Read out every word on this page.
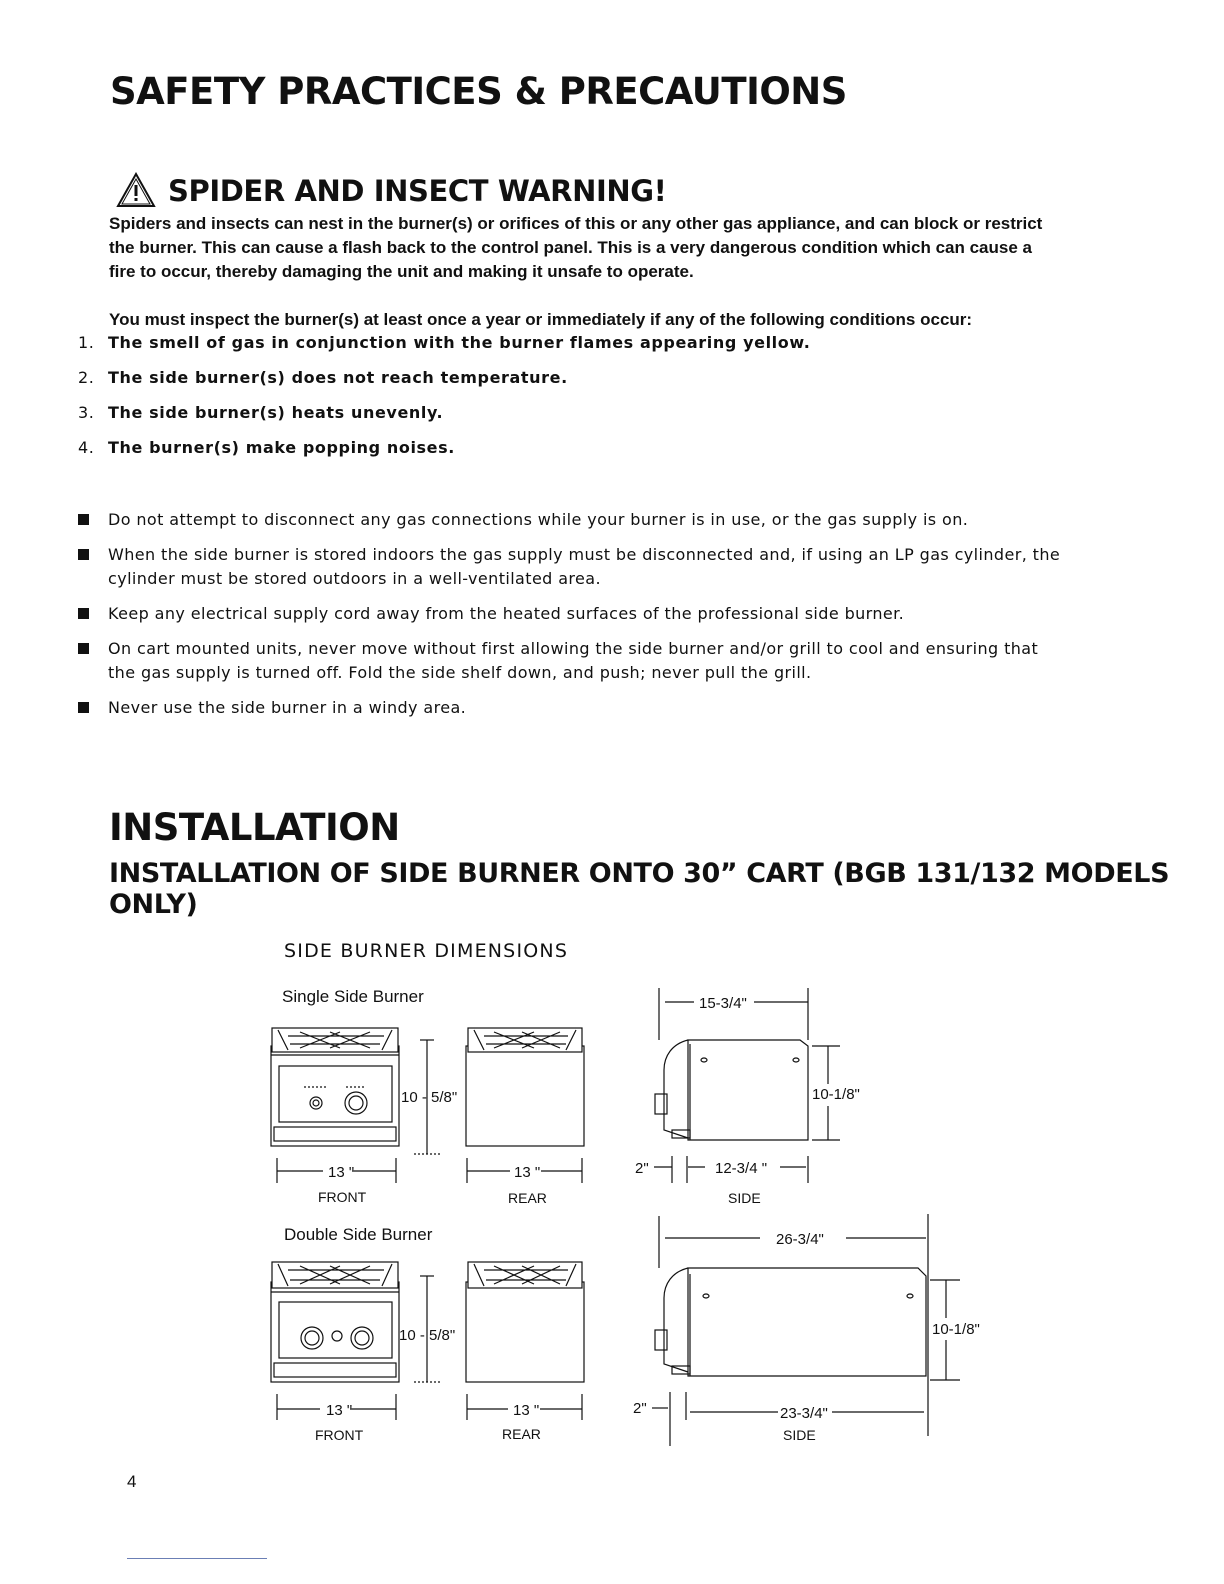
SAFETY PRACTICES & PRECAUTIONS
SPIDER AND INSECT WARNING!
Spiders and insects can nest in the burner(s) or orifices of this or any other gas appliance, and can block or restrict
the burner. This can cause a flash back to the control panel. This is a very dangerous condition which can cause a
fire to occur, thereby damaging the unit and making it unsafe to operate.
You must inspect the burner(s) at least once a year or immediately if any of the following conditions occur:
1. The smell of gas in conjunction with the burner flames appearing yellow.
2. The side burner(s) does not reach temperature.
3. The side burner(s) heats unevenly.
4. The burner(s) make popping noises.
Do not attempt to disconnect any gas connections while your burner is in use, or the gas supply is on.
When the side burner is stored indoors the gas supply must be disconnected and, if using an LP gas cylinder, the
cylinder must be stored outdoors in a well-ventilated area.
Keep any electrical supply cord away from the heated surfaces of the professional side burner.
On cart mounted units, never move without first allowing the side burner and/or grill to cool and ensuring that
the gas supply is turned off. Fold the side shelf down, and push; never pull the grill.
Never use the side burner in a windy area.
INSTALLATION
INSTALLATION OF SIDE BURNER ONTO 30” CART (BGB 131/132 MODELS ONLY)
SIDE BURNER DIMENSIONS
Single Side Burner
Double Side Burner
10 - 5/8"
13 "
FRONT
13 "
REAR
15-3/4"
10-1/8"
2"	12-3/4 "
SIDE
10 - 5/8"
13 "
FRONT
13 "
REAR
26-3/4"
10-1/8"
2"	23-3/4"
SIDE
4
